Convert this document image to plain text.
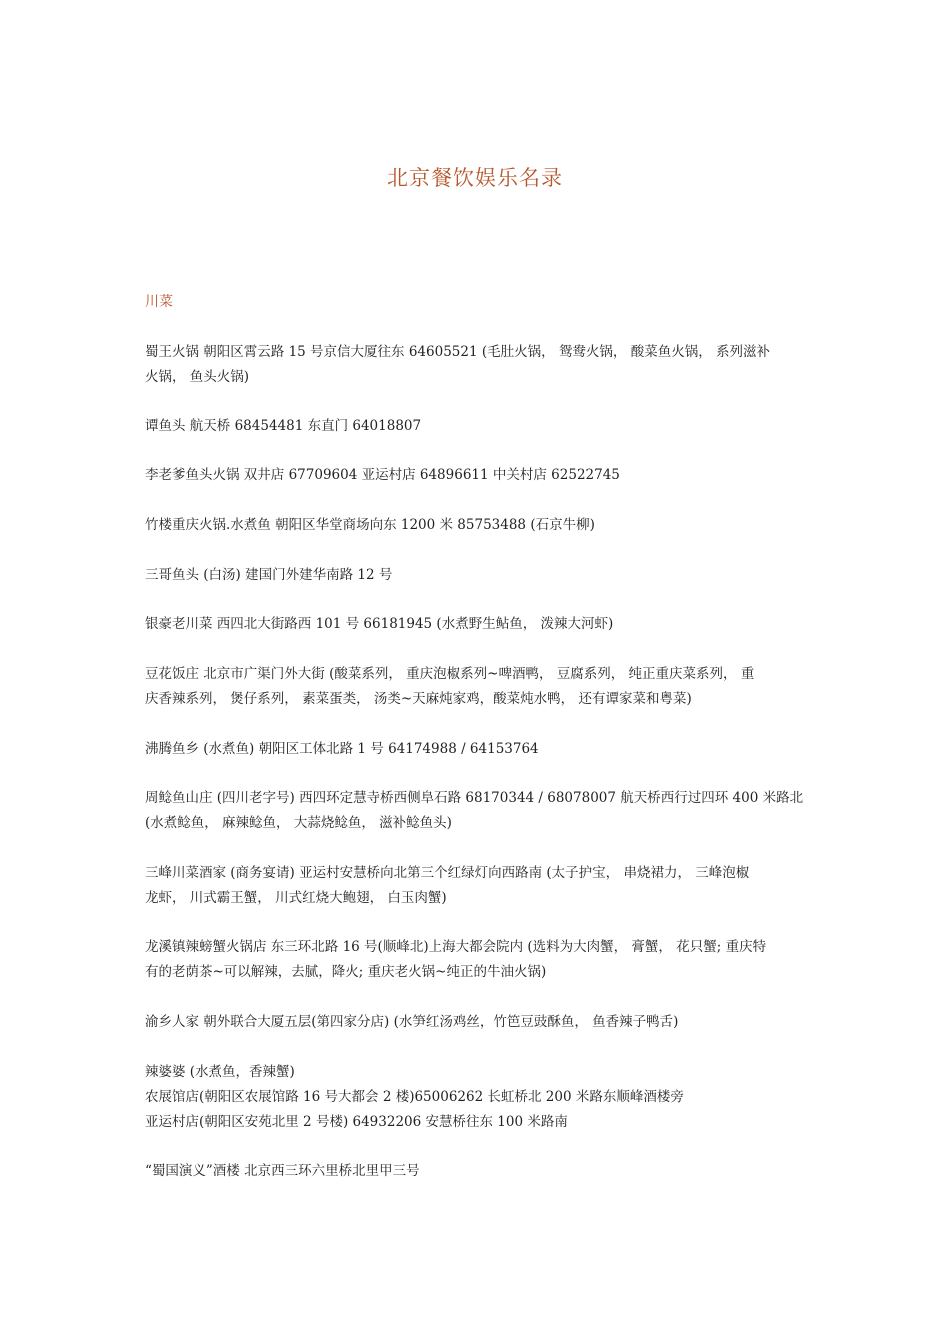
北京餐饮娱乐名录
川菜
蜀王火锅 朝阳区霄云路 15 号京信大厦往东 64605521 (毛肚火锅， 鸳鸯火锅， 酸菜鱼火锅， 系列滋补
火锅， 鱼头火锅)
谭鱼头 航天桥 68454481 东直门 64018807
李老爹鱼头火锅 双井店 67709604 亚运村店 64896611 中关村店 62522745
竹楼重庆火锅.水煮鱼 朝阳区华堂商场向东 1200 米 85753488 (石京牛柳)
三哥鱼头 (白汤) 建国门外建华南路 12 号
银豪老川菜 西四北大街路西 101 号 66181945 (水煮野生鲇鱼， 泼辣大河虾)
豆花饭庄 北京市广渠门外大街 (酸菜系列， 重庆泡椒系列~啤酒鸭， 豆腐系列， 纯正重庆菜系列， 重
庆香辣系列， 煲仔系列， 素菜蛋类， 汤类~天麻炖家鸡，酸菜炖水鸭， 还有谭家菜和粤菜)
沸腾鱼乡 (水煮鱼) 朝阳区工体北路 1 号 64174988 / 64153764
周鲶鱼山庄 (四川老字号) 西四环定慧寺桥西侧阜石路 68170344 / 68078007 航天桥西行过四环 400 米路北
(水煮鲶鱼， 麻辣鲶鱼， 大蒜烧鲶鱼， 滋补鲶鱼头)
三峰川菜酒家 (商务宴请) 亚运村安慧桥向北第三个红绿灯向西路南 (太子护宝， 串烧裙力， 三峰泡椒
龙虾， 川式霸王蟹， 川式红烧大鲍翅， 白玉肉蟹)
龙溪镇辣螃蟹火锅店 东三环北路 16 号(顺峰北)上海大都会院内 (选料为大肉蟹， 膏蟹， 花只蟹; 重庆特
有的老荫茶~可以解辣，去腻，降火; 重庆老火锅~纯正的牛油火锅)
渝乡人家 朝外联合大厦五层(第四家分店) (水笋红汤鸡丝，竹笆豆豉酥鱼， 鱼香辣子鸭舌)
辣婆婆 (水煮鱼，香辣蟹)
农展馆店(朝阳区农展馆路 16 号大都会 2 楼)65006262 长虹桥北 200 米路东顺峰酒楼旁
亚运村店(朝阳区安苑北里 2 号楼) 64932206 安慧桥往东 100 米路南
“蜀国演义”酒楼 北京西三环六里桥北里甲三号
